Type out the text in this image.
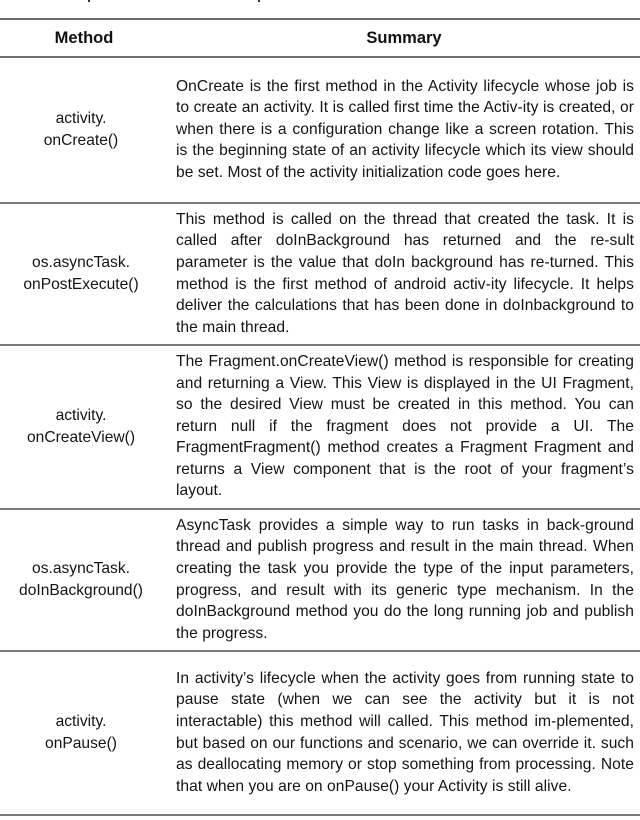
Method	Summary

activity.
onCreate()	OnCreate is the first method in the Activity lifecycle whose job is to create an activity. It is called first time the Activ-ity is created, or when there is a configuration change like a screen rotation. This is the beginning state of an activity lifecycle which its view should be set. Most of the activity initialization code goes here.

os.asyncTask.
onPostExecute()	This method is called on the thread that created the task. It is called after doInBackground has returned and the re-sult parameter is the value that doIn background has re-turned. This method is the first method of android activ-ity lifecycle. It helps deliver the calculations that has been done in doInbackground to the main thread.

activity.
onCreateView()	The Fragment.onCreateView() method is responsible for creating and returning a View. This View is displayed in the UI Fragment, so the desired View must be created in this method. You can return null if the fragment does not provide a UI. The FragmentFragment() method creates a Fragment Fragment and returns a View component that is the root of your fragment’s layout.

os.asyncTask.
doInBackground()	AsyncTask provides a simple way to run tasks in back-ground thread and publish progress and result in the main thread. When creating the task you provide the type of the input parameters, progress, and result with its generic type mechanism. In the doInBackground method you do the long running job and publish the progress.

activity.
onPause()	In activity’s lifecycle when the activity goes from running state to pause state (when we can see the activity but it is not interactable) this method will called. This method im-plemented, but based on our functions and scenario, we can override it. such as deallocating memory or stop something from processing. Note that when you are on onPause() your Activity is still alive.
